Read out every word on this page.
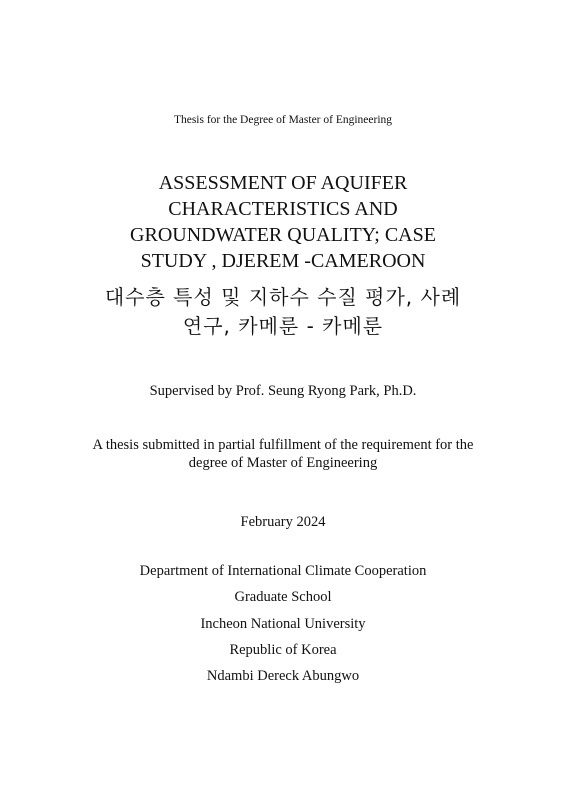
Thesis for the Degree of Master of Engineering
ASSESSMENT OF AQUIFER
CHARACTERISTICS AND
GROUNDWATER QUALITY; CASE
STUDY , DJEREM -CAMEROON
대수층 특성 및 지하수 수질 평가, 사례
연구, 카메룬 - 카메룬
Supervised by Prof. Seung Ryong Park, Ph.D.
A thesis submitted in partial fulfillment of the requirement for the
degree of Master of Engineering
February 2024
Department of International Climate Cooperation
Graduate School
Incheon National University
Republic of Korea
Ndambi Dereck Abungwo
